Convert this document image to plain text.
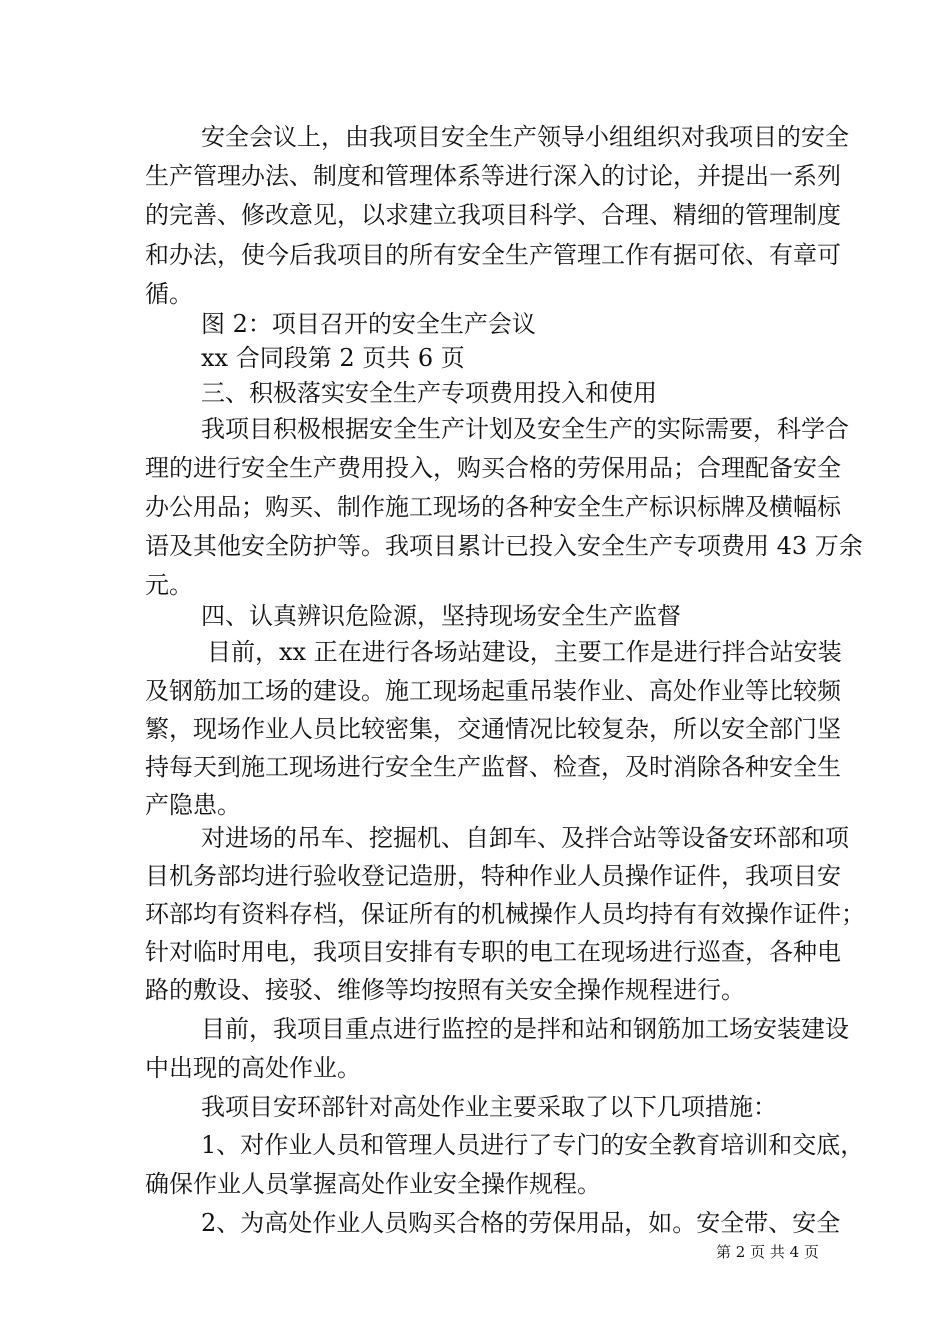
安全会议上，由我项目安全生产领导小组组织对我项目的安全
生产管理办法、制度和管理体系等进行深入的讨论，并提出一系列
的完善、修改意见，以求建立我项目科学、合理、精细的管理制度
和办法，使今后我项目的所有安全生产管理工作有据可依、有章可
循。
图 2：项目召开的安全生产会议
xx 合同段第 2 页共 6 页
三、积极落实安全生产专项费用投入和使用
我项目积极根据安全生产计划及安全生产的实际需要，科学合
理的进行安全生产费用投入，购买合格的劳保用品；合理配备安全
办公用品；购买、制作施工现场的各种安全生产标识标牌及横幅标
语及其他安全防护等。我项目累计已投入安全生产专项费用 43 万余
元。
四、认真辨识危险源，坚持现场安全生产监督
目前，xx 正在进行各场站建设，主要工作是进行拌合站安装
及钢筋加工场的建设。施工现场起重吊装作业、高处作业等比较频
繁，现场作业人员比较密集，交通情况比较复杂，所以安全部门坚
持每天到施工现场进行安全生产监督、检查，及时消除各种安全生
产隐患。
对进场的吊车、挖掘机、自卸车、及拌合站等设备安环部和项
目机务部均进行验收登记造册，特种作业人员操作证件，我项目安
环部均有资料存档，保证所有的机械操作人员均持有有效操作证件；
针对临时用电，我项目安排有专职的电工在现场进行巡查，各种电
路的敷设、接驳、维修等均按照有关安全操作规程进行。
目前，我项目重点进行监控的是拌和站和钢筋加工场安装建设
中出现的高处作业。
我项目安环部针对高处作业主要采取了以下几项措施：
1、对作业人员和管理人员进行了专门的安全教育培训和交底，
确保作业人员掌握高处作业安全操作规程。
2、为高处作业人员购买合格的劳保用品，如。安全带、安全
第 2 页 共 4 页
